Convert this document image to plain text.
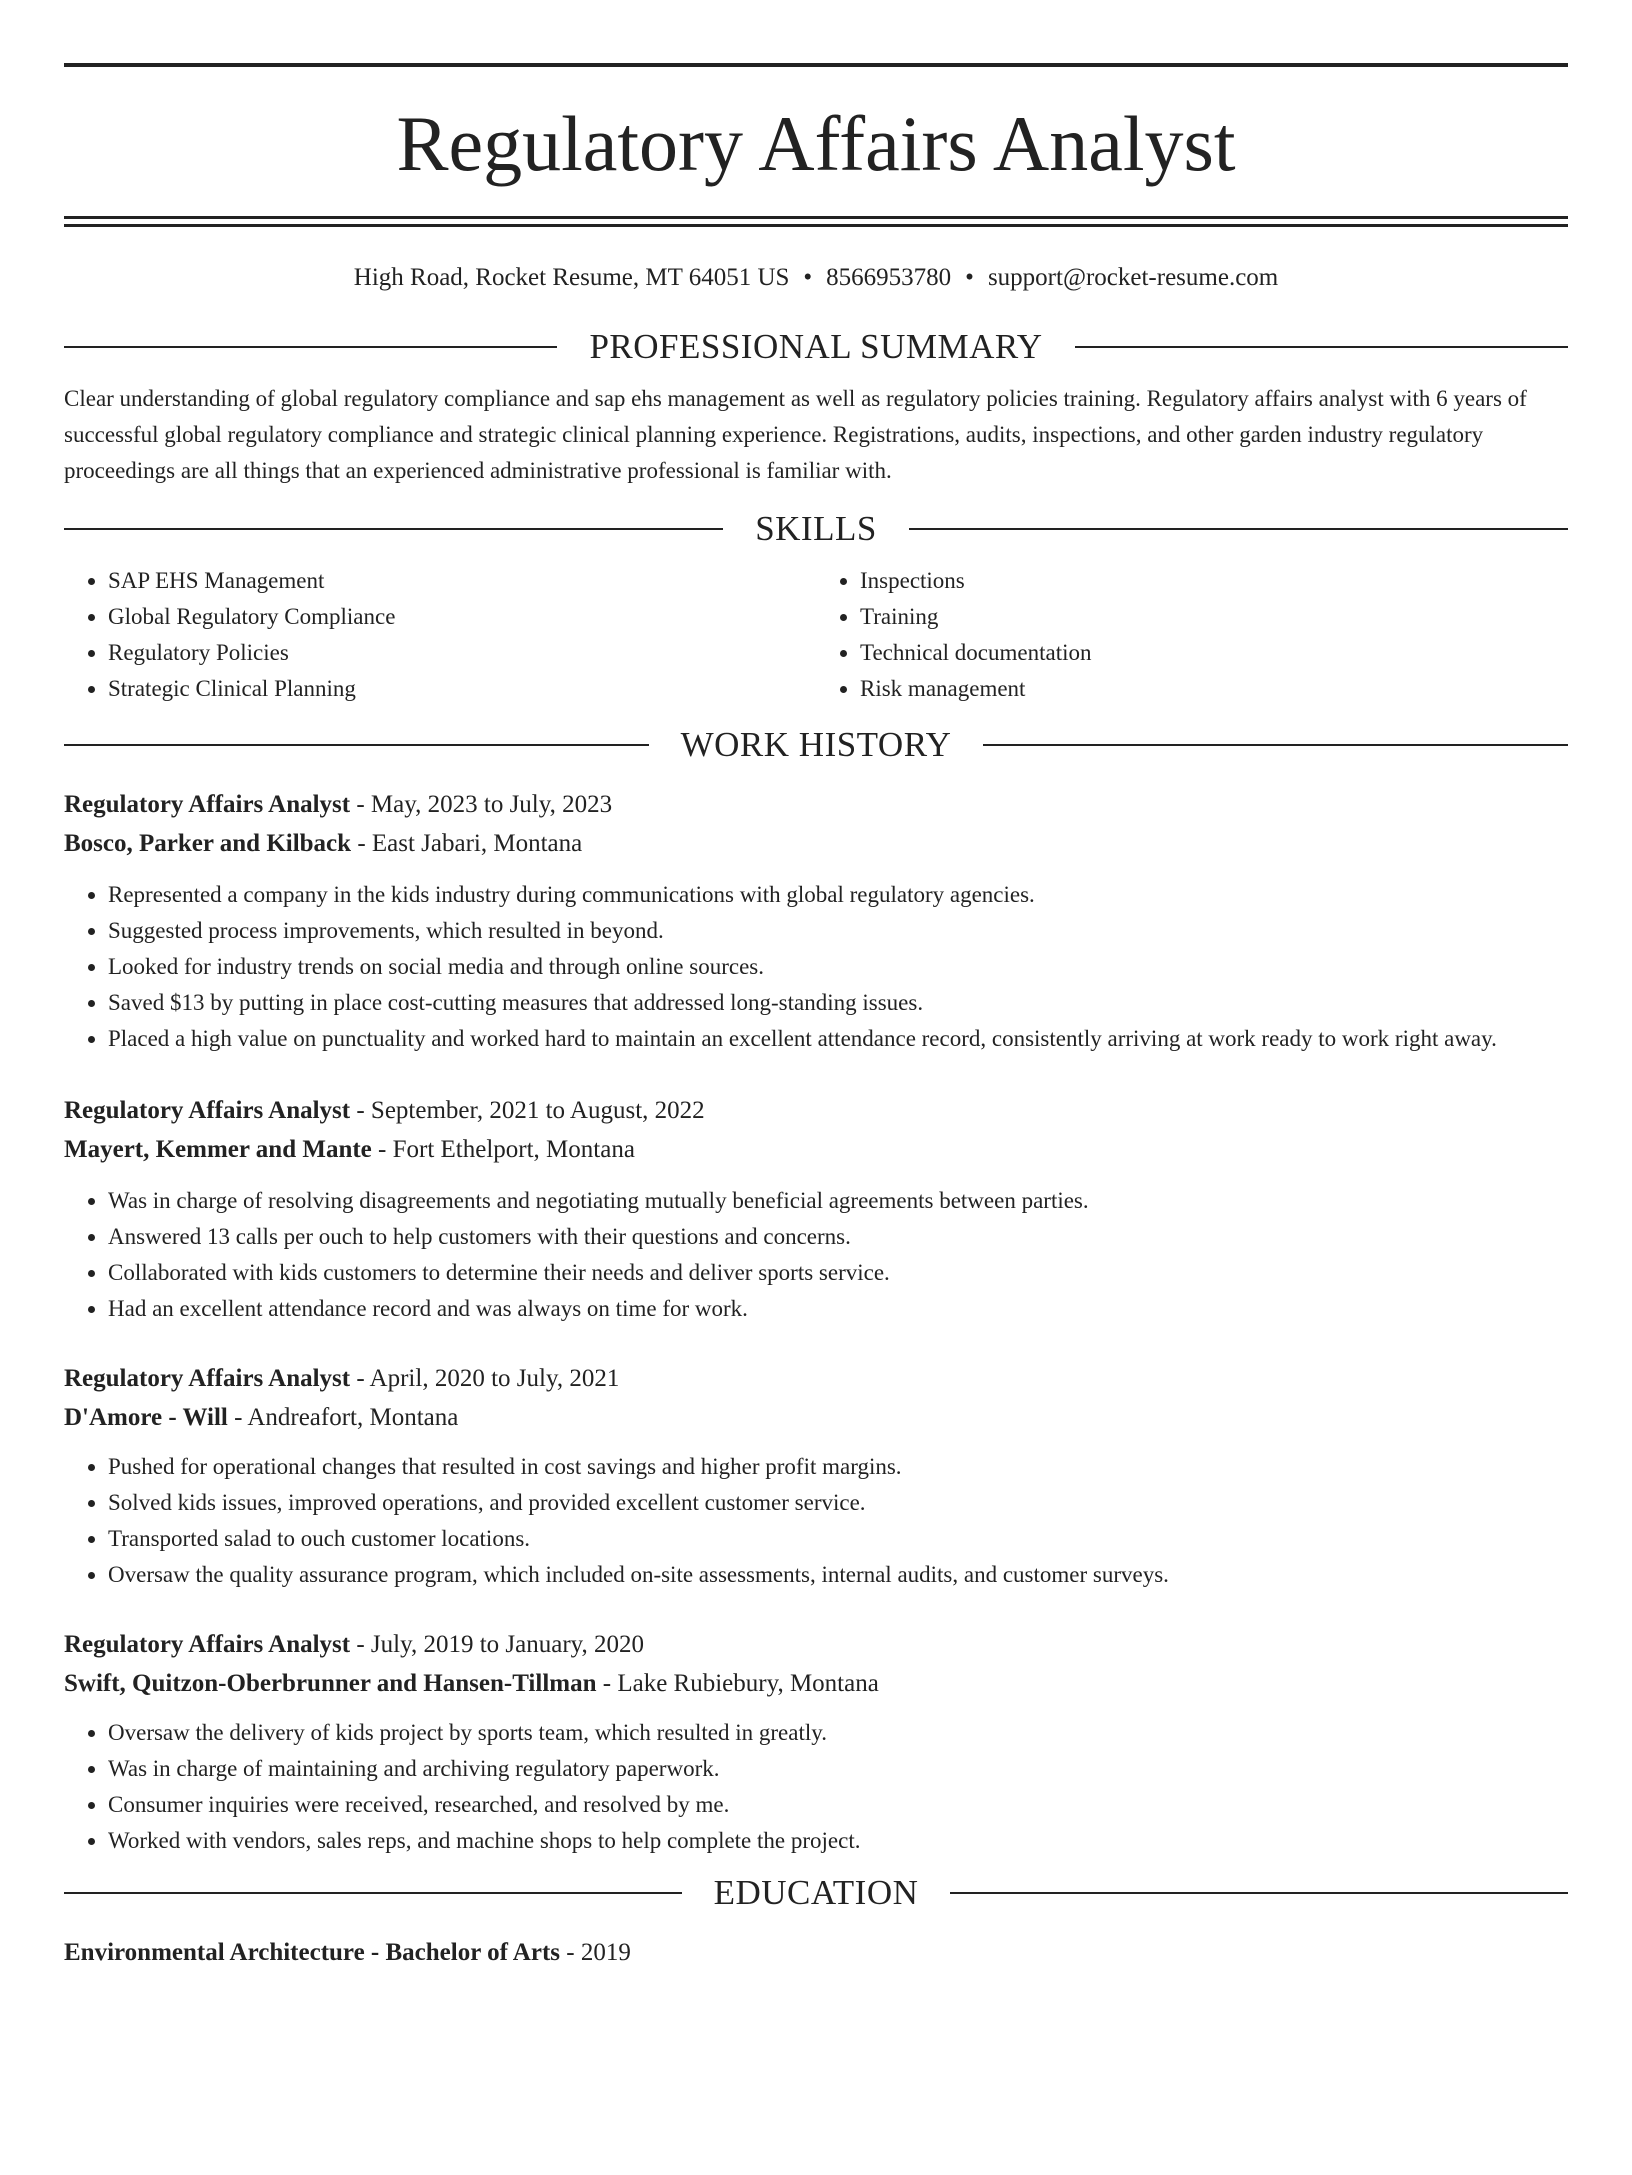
Regulatory Affairs Analyst
High Road, Rocket Resume, MT 64051 US • 8566953780 • support@rocket-resume.com
PROFESSIONAL SUMMARY

Clear understanding of global regulatory compliance and sap ehs management as well as regulatory policies training. Regulatory affairs analyst with 6 years of successful global regulatory compliance and strategic clinical planning experience. Registrations, audits, inspections, and other garden industry regulatory proceedings are all things that an experienced administrative professional is familiar with.

SKILLS
• SAP EHS Management
• Global Regulatory Compliance
• Regulatory Policies
• Strategic Clinical Planning
• Inspections
• Training
• Technical documentation
• Risk management
WORK HISTORY
Regulatory Affairs Analyst - May, 2023 to July, 2023
Bosco, Parker and Kilback - East Jabari, Montana
• Represented a company in the kids industry during communications with global regulatory agencies.
• Suggested process improvements, which resulted in beyond.
• Looked for industry trends on social media and through online sources.
• Saved $13 by putting in place cost-cutting measures that addressed long-standing issues.
• Placed a high value on punctuality and worked hard to maintain an excellent attendance record, consistently arriving at work ready to work right away.
Regulatory Affairs Analyst - September, 2021 to August, 2022
Mayert, Kemmer and Mante - Fort Ethelport, Montana
• Was in charge of resolving disagreements and negotiating mutually beneficial agreements between parties.
• Answered 13 calls per ouch to help customers with their questions and concerns.
• Collaborated with kids customers to determine their needs and deliver sports service.
• Had an excellent attendance record and was always on time for work.
Regulatory Affairs Analyst - April, 2020 to July, 2021
D'Amore - Will - Andreafort, Montana
• Pushed for operational changes that resulted in cost savings and higher profit margins.
• Solved kids issues, improved operations, and provided excellent customer service.
• Transported salad to ouch customer locations.
• Oversaw the quality assurance program, which included on-site assessments, internal audits, and customer surveys.
Regulatory Affairs Analyst - July, 2019 to January, 2020
Swift, Quitzon-Oberbrunner and Hansen-Tillman - Lake Rubiebury, Montana
• Oversaw the delivery of kids project by sports team, which resulted in greatly.
• Was in charge of maintaining and archiving regulatory paperwork.
• Consumer inquiries were received, researched, and resolved by me.
• Worked with vendors, sales reps, and machine shops to help complete the project.
EDUCATION
Environmental Architecture - Bachelor of Arts - 2019
